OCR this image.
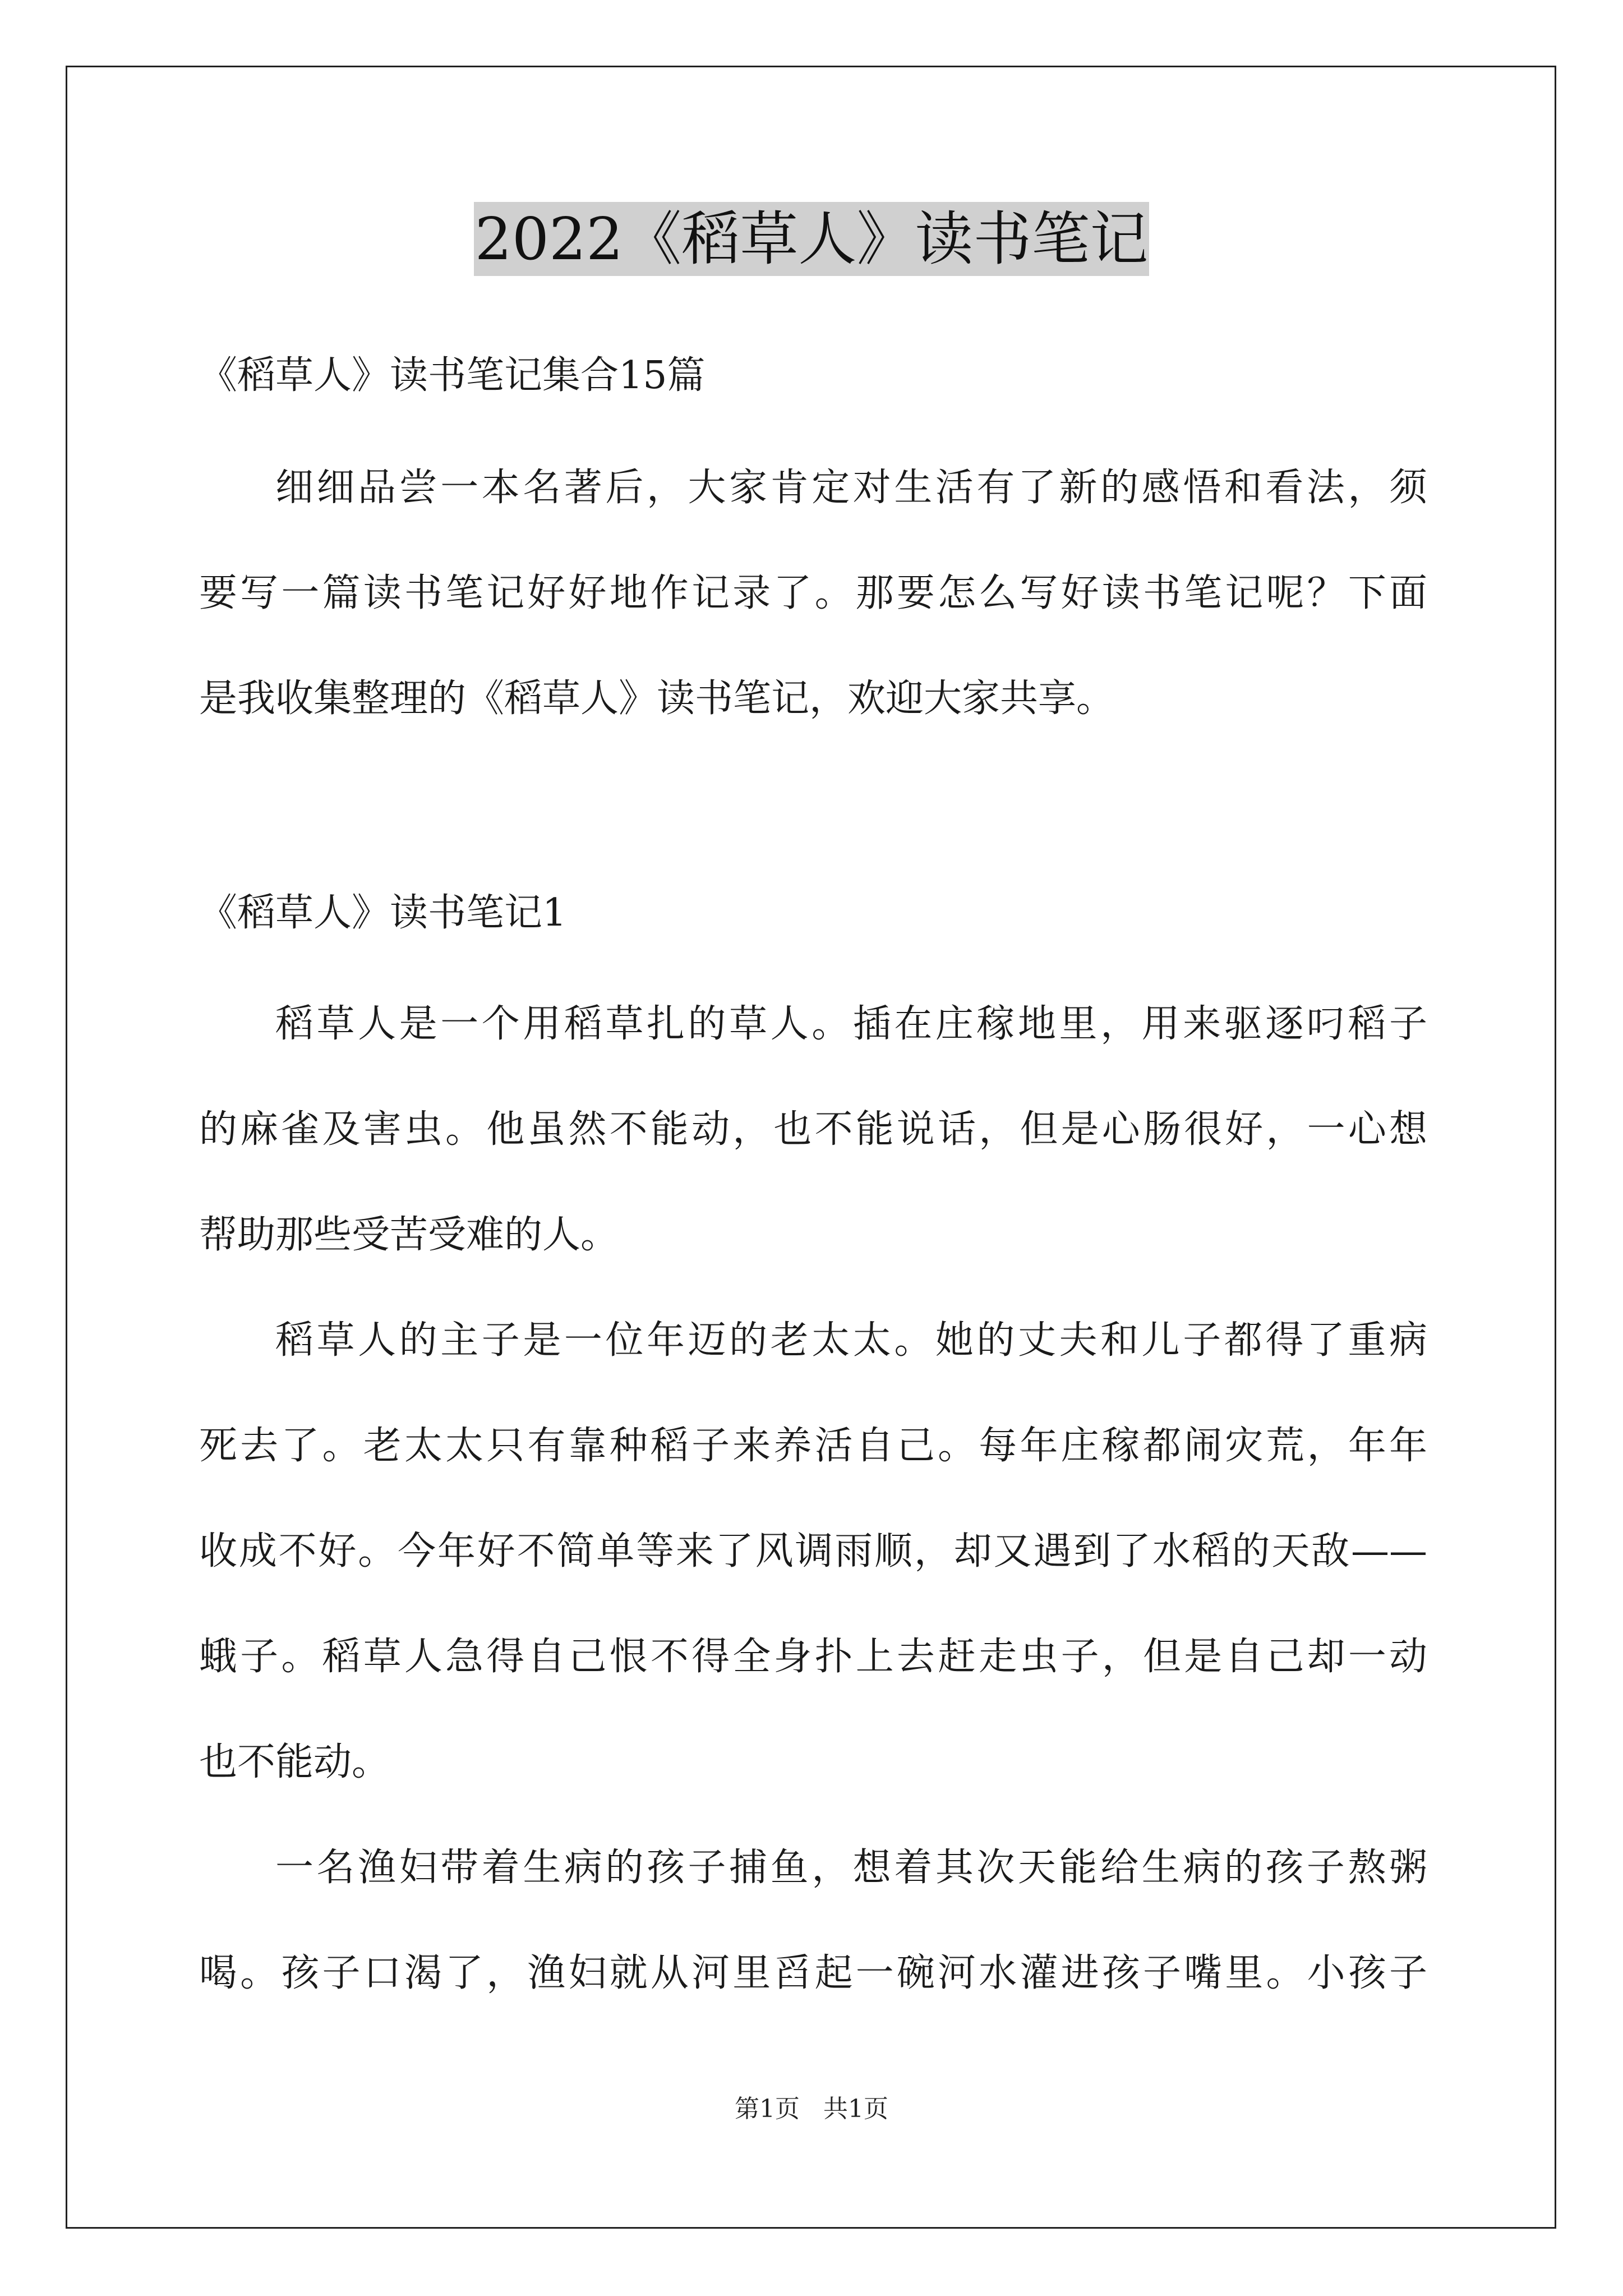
2022《稻草人》读书笔记
《稻草人》读书笔记集合15篇
细细品尝一本名著后，大家肯定对生活有了新的感悟和看法，须
要写一篇读书笔记好好地作记录了。那要怎么写好读书笔记呢？下面
是我收集整理的《稻草人》读书笔记，欢迎大家共享。
《稻草人》读书笔记1
稻草人是一个用稻草扎的草人。插在庄稼地里，用来驱逐叼稻子
的麻雀及害虫。他虽然不能动，也不能说话，但是心肠很好，一心想
帮助那些受苦受难的人。
稻草人的主子是一位年迈的老太太。她的丈夫和儿子都得了重病
死去了。老太太只有靠种稻子来养活自己。每年庄稼都闹灾荒，年年
收成不好。今年好不简单等来了风调雨顺，却又遇到了水稻的天敌——
蛾子。稻草人急得自己恨不得全身扑上去赶走虫子，但是自己却一动
也不能动。
一名渔妇带着生病的孩子捕鱼，想着其次天能给生病的孩子熬粥
喝。孩子口渴了，渔妇就从河里舀起一碗河水灌进孩子嘴里。小孩子
第1页 共1页
